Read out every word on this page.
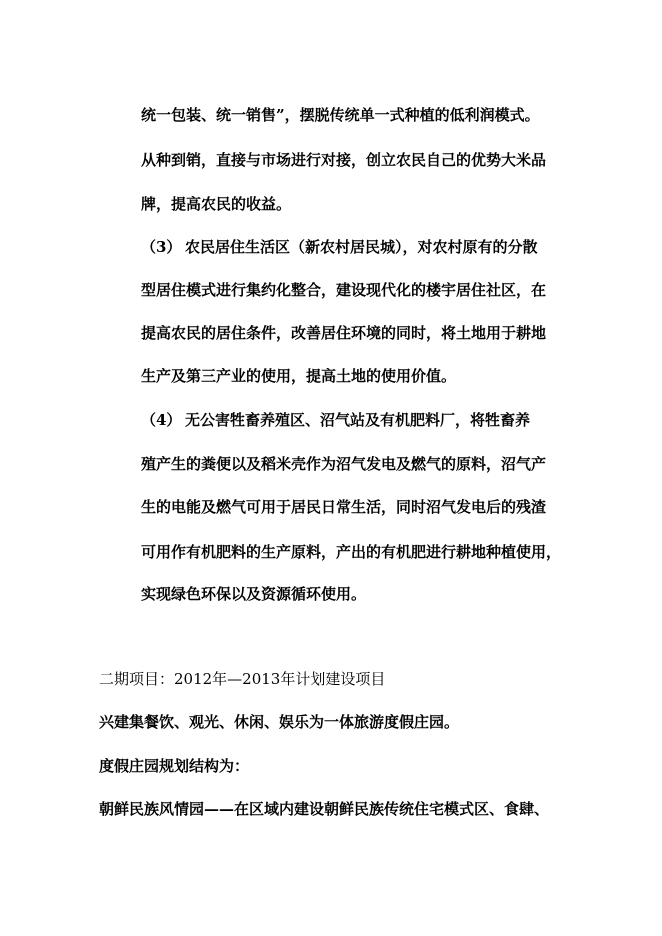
统一包装、统一销售”，摆脱传统单一式种植的低利润模式。
从种到销，直接与市场进行对接，创立农民自己的优势大米品
牌，提高农民的收益。
（3） 农民居住生活区（新农村居民城），对农村原有的分散
型居住模式进行集约化整合，建设现代化的楼宇居住社区，在
提高农民的居住条件，改善居住环境的同时，将土地用于耕地
生产及第三产业的使用，提高土地的使用价值。
（4） 无公害牲畜养殖区、沼气站及有机肥料厂，将牲畜养
殖产生的粪便以及稻米壳作为沼气发电及燃气的原料，沼气产
生的电能及燃气可用于居民日常生活，同时沼气发电后的残渣
可用作有机肥料的生产原料，产出的有机肥进行耕地种植使用，
实现绿色环保以及资源循环使用。
二期项目：2012年—2013年计划建设项目
兴建集餐饮、观光、休闲、娱乐为一体旅游度假庄园。
度假庄园规划结构为：
朝鲜民族风情园——在区域内建设朝鲜民族传统住宅模式区、食肆、
